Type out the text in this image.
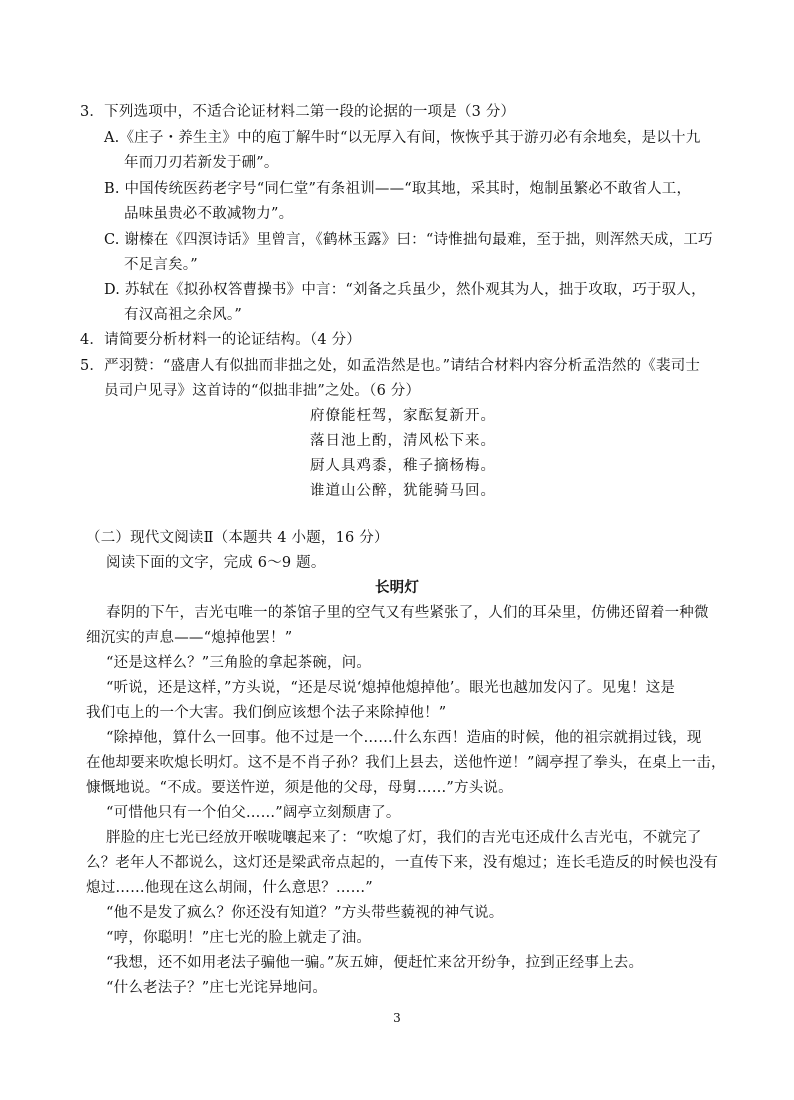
3．下列选项中，不适合论证材料二第一段的论据的一项是（3 分）
A.《庄子・养生主》中的庖丁解牛时“以无厚入有间，恢恢乎其于游刃必有余地矣，是以十九
年而刀刃若新发于硎”。
B. 中国传统医药老字号“同仁堂”有条祖训——“取其地，采其时，炮制虽繁必不敢省人工，
品味虽贵必不敢减物力”。
C. 谢榛在《四溟诗话》里曾言，《鹤林玉露》曰：“诗惟拙句最难，至于拙，则浑然天成，工巧
不足言矣。”
D. 苏轼在《拟孙权答曹操书》中言：“刘备之兵虽少，然仆观其为人，拙于攻取，巧于驭人，
有汉高祖之余风。”
4．请简要分析材料一的论证结构。（4 分）
5．严羽赞：“盛唐人有似拙而非拙之处，如孟浩然是也。”请结合材料内容分析孟浩然的《裴司士
员司户见寻》这首诗的“似拙非拙”之处。（6 分）
府僚能枉驾，家酝复新开。
落日池上酌，清风松下来。
厨人具鸡黍，稚子摘杨梅。
谁道山公醉，犹能骑马回。
（二）现代文阅读Ⅱ（本题共 4 小题，16 分）
阅读下面的文字，完成 6～9 题。
长明灯
春阴的下午，吉光屯唯一的茶馆子里的空气又有些紧张了，人们的耳朵里，仿佛还留着一种微
细沉实的声息——“熄掉他罢！”
“还是这样么？”三角脸的拿起茶碗，问。
“听说，还是这样，”方头说，“还是尽说‘熄掉他熄掉他’。眼光也越加发闪了。见鬼！这是
我们屯上的一个大害。我们倒应该想个法子来除掉他！”
“除掉他，算什么一回事。他不过是一个……什么东西！造庙的时候，他的祖宗就捐过钱，现
在他却要来吹熄长明灯。这不是不肖子孙？我们上县去，送他忤逆！”阔亭捏了拳头，在桌上一击，
慷慨地说。“不成。要送忤逆，须是他的父母，母舅……”方头说。
“可惜他只有一个伯父……”阔亭立刻颓唐了。
胖脸的庄七光已经放开喉咙嚷起来了：“吹熄了灯，我们的吉光屯还成什么吉光屯，不就完了
么？老年人不都说么，这灯还是梁武帝点起的，一直传下来，没有熄过；连长毛造反的时候也没有
熄过……他现在这么胡闹，什么意思？……”
“他不是发了疯么？你还没有知道？”方头带些藐视的神气说。
“哼，你聪明！”庄七光的脸上就走了油。
“我想，还不如用老法子骗他一骗。”灰五婶，便赶忙来岔开纷争，拉到正经事上去。
“什么老法子？”庄七光诧异地问。
3
